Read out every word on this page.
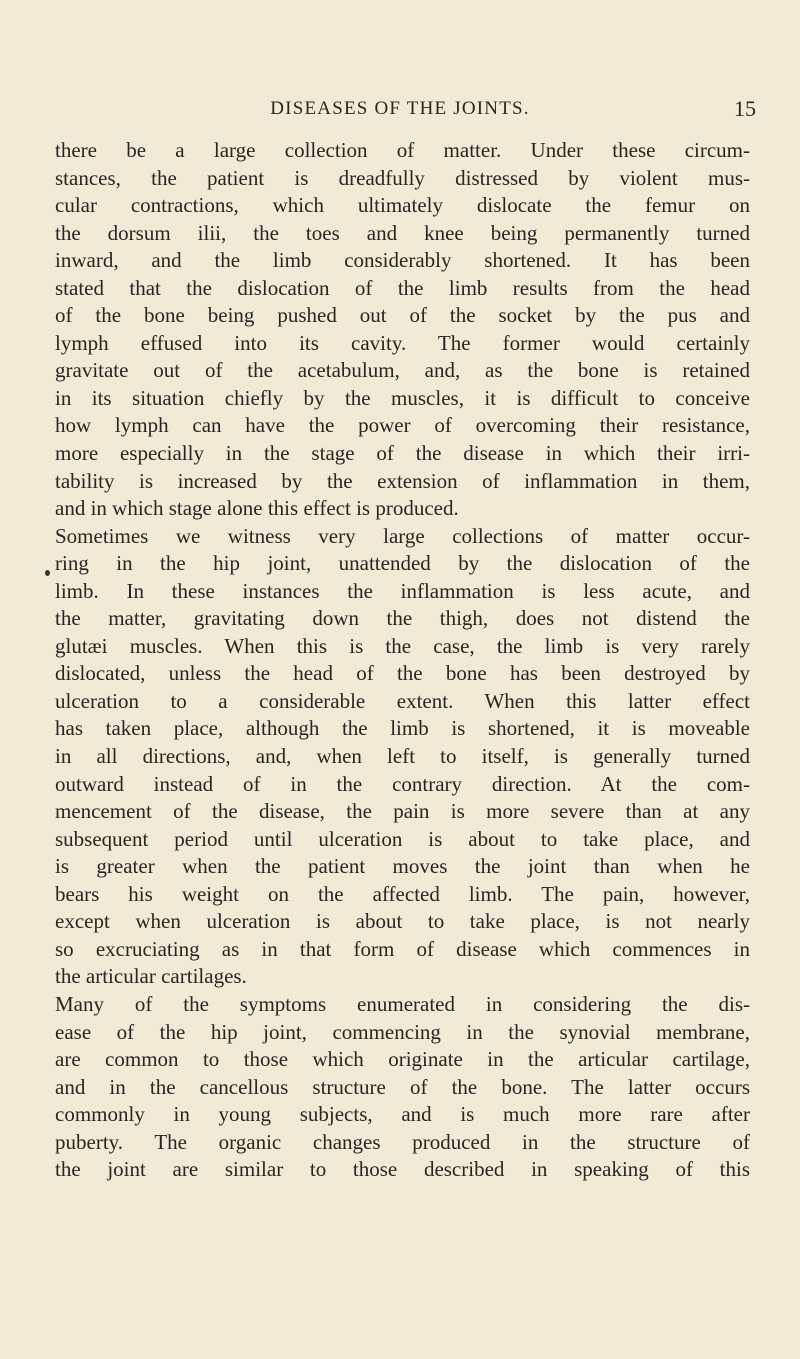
DISEASES OF THE JOINTS.	15
there be a large collection of matter. Under these circum-
stances, the patient is dreadfully distressed by violent mus-
cular contractions, which ultimately dislocate the femur on
the dorsum ilii, the toes and knee being permanently turned
inward, and the limb considerably shortened. It has been
stated that the dislocation of the limb results from the head
of the bone being pushed out of the socket by the pus and
lymph effused into its cavity. The former would certainly
gravitate out of the acetabulum, and, as the bone is retained
in its situation chiefly by the muscles, it is difficult to conceive
how lymph can have the power of overcoming their resistance,
more especially in the stage of the disease in which their irri-
tability is increased by the extension of inflammation in them,
and in which stage alone this effect is produced.
Sometimes we witness very large collections of matter occur-
ring in the hip joint, unattended by the dislocation of the
limb. In these instances the inflammation is less acute, and
the matter, gravitating down the thigh, does not distend the
glutæi muscles. When this is the case, the limb is very rarely
dislocated, unless the head of the bone has been destroyed by
ulceration to a considerable extent. When this latter effect
has taken place, although the limb is shortened, it is moveable
in all directions, and, when left to itself, is generally turned
outward instead of in the contrary direction. At the com-
mencement of the disease, the pain is more severe than at any
subsequent period until ulceration is about to take place, and
is greater when the patient moves the joint than when he
bears his weight on the affected limb. The pain, however,
except when ulceration is about to take place, is not nearly
so excruciating as in that form of disease which commences in
the articular cartilages.
Many of the symptoms enumerated in considering the dis-
ease of the hip joint, commencing in the synovial membrane,
are common to those which originate in the articular cartilage,
and in the cancellous structure of the bone. The latter occurs
commonly in young subjects, and is much more rare after
puberty. The organic changes produced in the structure of
the joint are similar to those described in speaking of this
